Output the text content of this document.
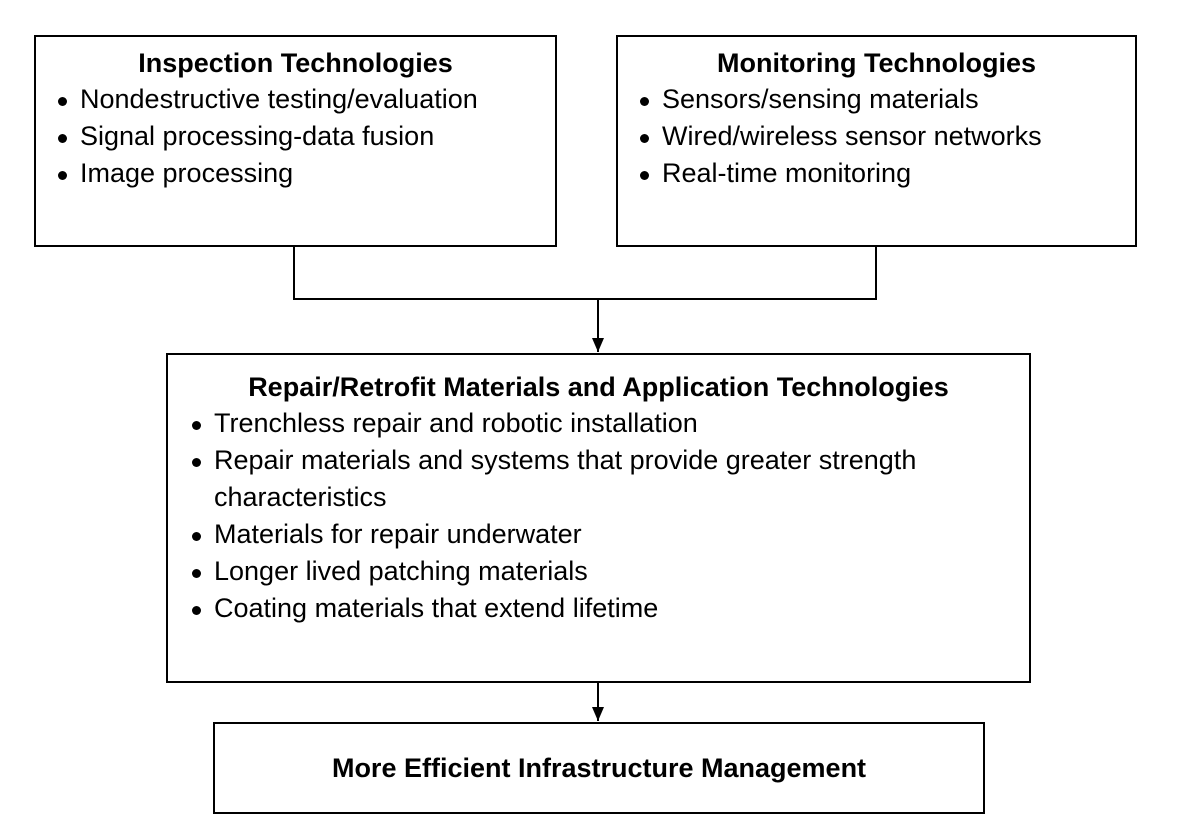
Inspection Technologies
Nondestructive testing/evaluation
Signal processing-data fusion
Image processing
Monitoring Technologies
Sensors/sensing materials
Wired/wireless sensor networks
Real-time monitoring
Repair/Retrofit Materials and Application Technologies
Trenchless repair and robotic installation
Repair materials and systems that provide greater strength characteristics
Materials for repair underwater
Longer lived patching materials
Coating materials that extend lifetime
More Efficient Infrastructure Management
